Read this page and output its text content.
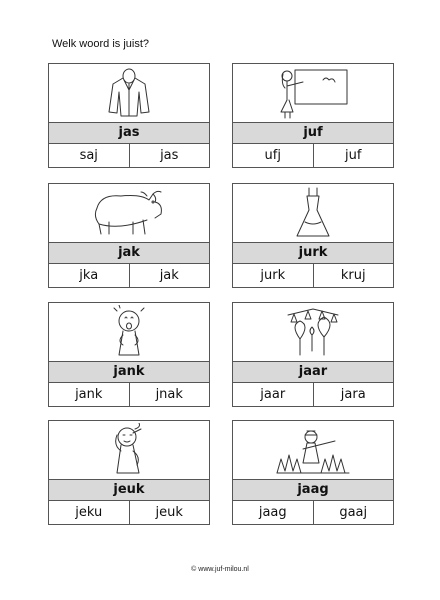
Welk woord is juist?
jas
saj	jas
juf
ufj	juf
jak
jka	jak
jurk
jurk	kruj
jank
jank	jnak
jaar
jaar	jara
jeuk
jeku	jeuk
jaag
jaag	gaaj
© www.juf-milou.nl
